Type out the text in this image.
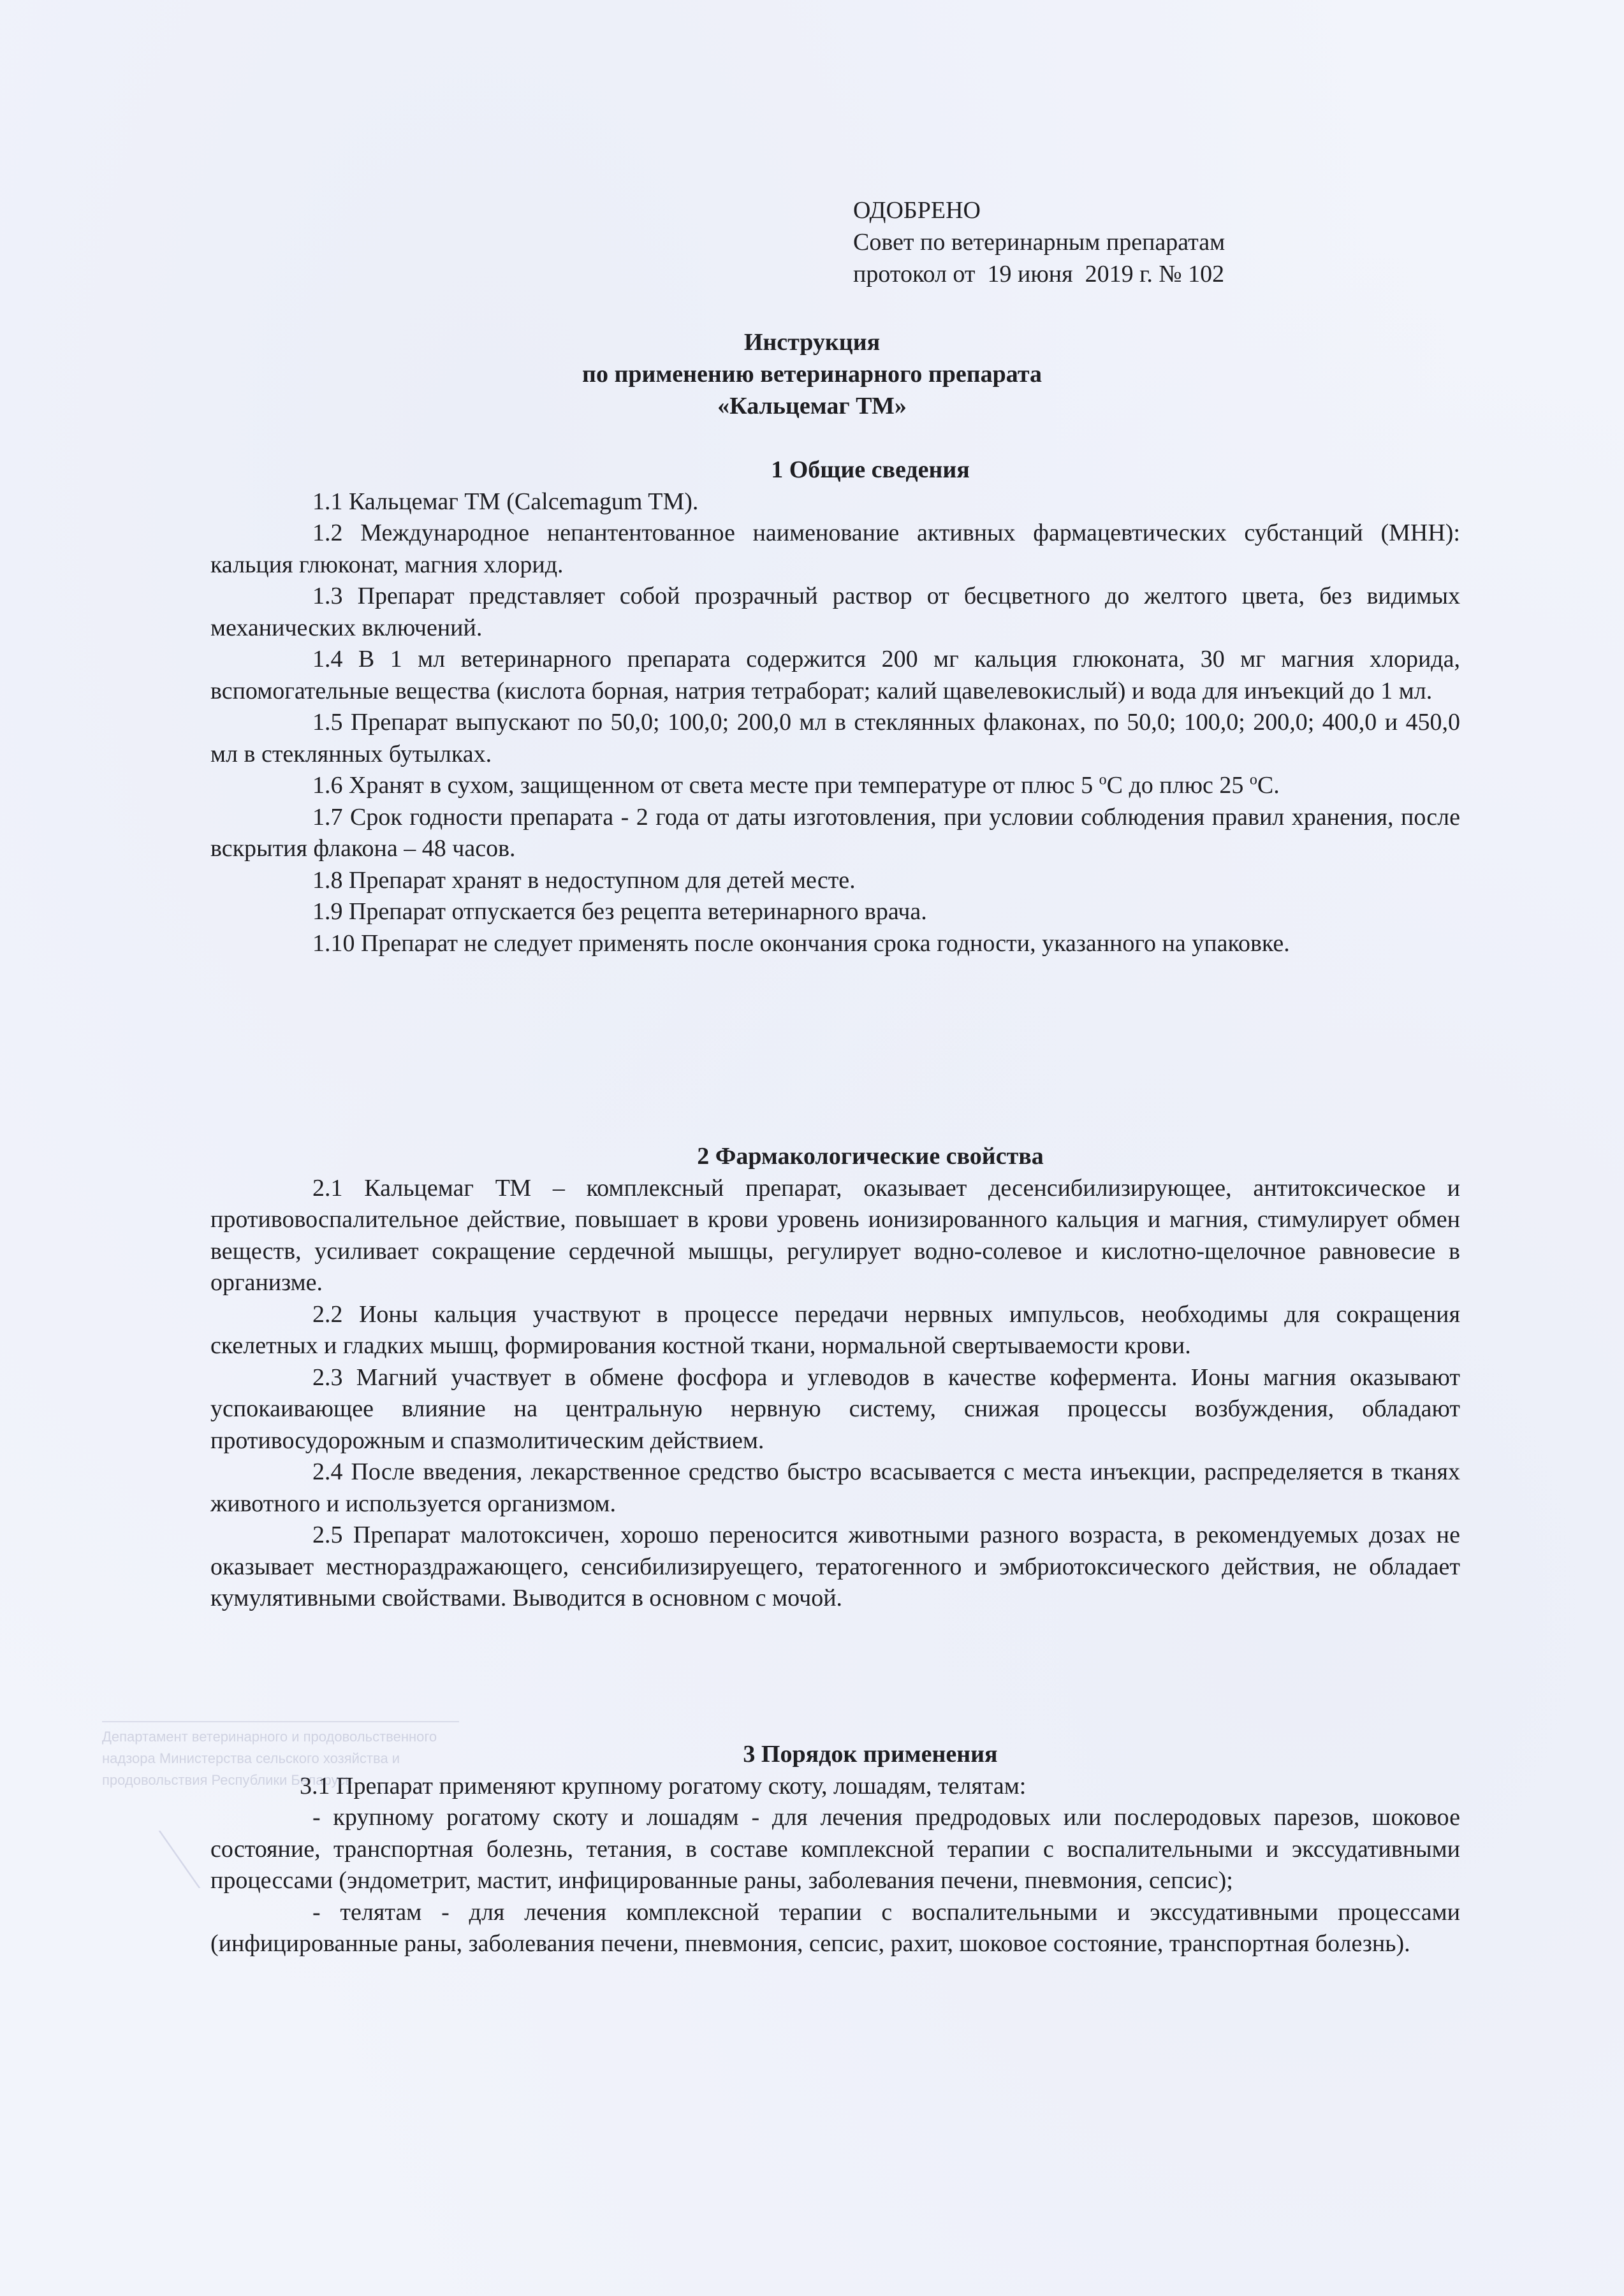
ОДОБРЕНО
Совет по ветеринарным препаратам
протокол от  19 июня  2019 г. № 102
Инструкция
по применению ветеринарного препарата
«Кальцемаг ТМ»

1 Общие сведения

1.1 Кальцемаг ТМ (Calcemagum TM).

1.2 Международное непантентованное наименование активных фармацевтических субстанций (МНН): кальция глюконат, магния хлорид.

1.3 Препарат представляет собой прозрачный раствор от бесцветного до желтого цвета, без видимых механических включений.

1.4 В 1 мл ветеринарного препарата содержится 200 мг кальция глюконата, 30 мг магния хлорида, вспомогательные вещества (кислота борная, натрия тетраборат; калий щавелевокислый) и вода для инъекций до 1 мл.

1.5 Препарат выпускают по 50,0; 100,0; 200,0 мл в стеклянных флаконах, по 50,0; 100,0; 200,0; 400,0 и 450,0 мл в стеклянных бутылках.

1.6 Хранят в сухом, защищенном от света месте при температуре от плюс 5 $^o$С до плюс 25 $^o$С.

1.7 Срок годности препарата - 2 года от даты изготовления, при условии соблюдения правил хранения, после вскрытия флакона – 48 часов.

1.8 Препарат хранят в недоступном для детей месте.

1.9 Препарат отпускается без рецепта ветеринарного врача.

1.10 Препарат не следует применять после окончания срока годности, указанного на упаковке.

2 Фармакологические свойства

2.1 Кальцемаг ТМ – комплексный препарат, оказывает десенсибилизирующее, антитоксическое и противовоспалительное действие, повышает в крови уровень ионизированного кальция и магния, стимулирует обмен веществ, усиливает сокращение сердечной мышцы, регулирует водно-солевое и кислотно-щелочное равновесие в организме.

2.2 Ионы кальция участвуют в процессе передачи нервных импульсов, необходимы для сокращения скелетных и гладких мышц, формирования костной ткани, нормальной свертываемости крови.

2.3 Магний участвует в обмене фосфора и углеводов в качестве кофермента. Ионы магния оказывают успокаивающее влияние на центральную нервную систему, снижая процессы возбуждения, обладают противосудорожным и спазмолитическим действием.

2.4 После введения, лекарственное средство быстро всасывается с места инъекции, распределяется в тканях животного и используется организмом.

2.5 Препарат малотоксичен, хорошо переносится животными разного возраста, в рекомендуемых дозах не оказывает местнораздражающего, сенсибилизируещего, тератогенного и эмбриотоксического действия, не обладает кумулятивными свойствами. Выводится в основном с мочой.

3 Порядок применения

3.1 Препарат применяют крупному рогатому скоту, лошадям, телятам:

- крупному рогатому скоту и лошадям - для лечения предродовых или послеродовых парезов, шоковое состояние, транспортная болезнь, тетания, в составе комплексной терапии с воспалительными и экссудативными процессами (эндометрит, мастит, инфицированные раны, заболевания печени, пневмония, сепсис);

- телятам - для лечения комплексной терапии с воспалительными и экссудативными процессами (инфицированные раны, заболевания печени, пневмония, сепсис, рахит, шоковое состояние, транспортная болезнь).

Департамент ветеринарного и продовольственного надзора Министерства сельского хозяйства и продовольствия Республики Беларусь
